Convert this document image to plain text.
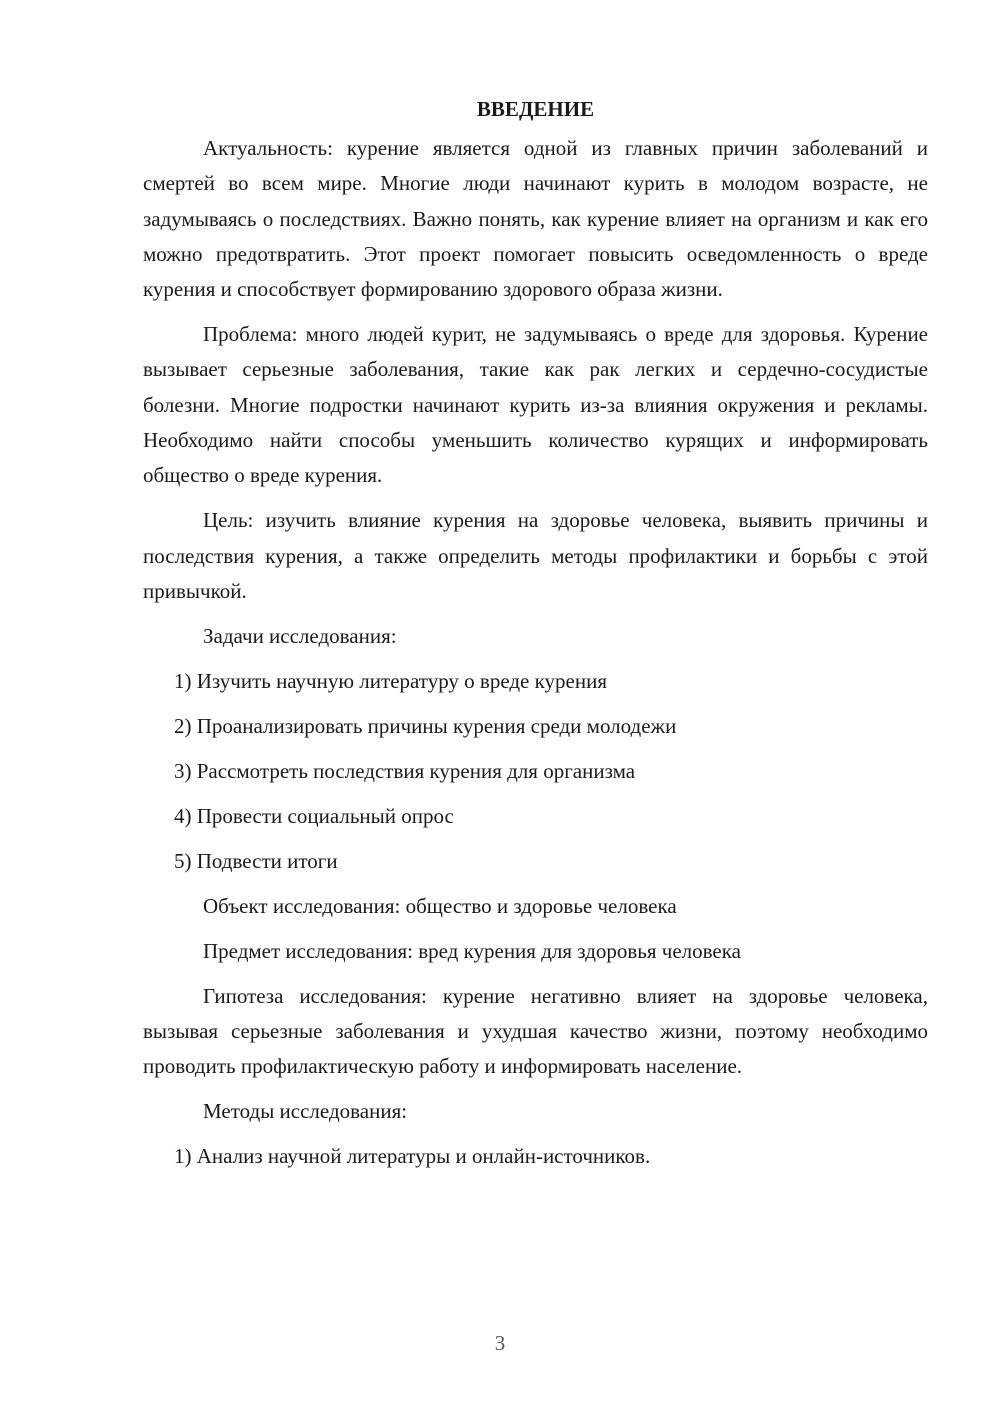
ВВЕДЕНИЕ

Актуальность: курение является одной из главных причин заболеваний и смертей во всем мире. Многие люди начинают курить в молодом возрасте, не задумываясь о последствиях. Важно понять, как курение влияет на организм и как его можно предотвратить. Этот проект помогает повысить осведомленность о вреде курения и способствует формированию здорового образа жизни.

Проблема: много людей курит, не задумываясь о вреде для здоровья. Курение вызывает серьезные заболевания, такие как рак легких и сердечно-сосудистые болезни. Многие подростки начинают курить из-за влияния окружения и рекламы. Необходимо найти способы уменьшить количество курящих и информировать общество о вреде курения.

Цель: изучить влияние курения на здоровье человека, выявить причины и последствия курения, а также определить методы профилактики и борьбы с этой привычкой.

Задачи исследования:

1) Изучить научную литературу о вреде курения

2) Проанализировать причины курения среди молодежи

3) Рассмотреть последствия курения для организма

4) Провести социальный опрос

5) Подвести итоги

Объект исследования: общество и здоровье человека

Предмет исследования: вред курения для здоровья человека

Гипотеза исследования: курение негативно влияет на здоровье человека, вызывая серьезные заболевания и ухудшая качество жизни, поэтому необходимо проводить профилактическую работу и информировать население.

Методы исследования:

1) Анализ научной литературы и онлайн-источников.

3
